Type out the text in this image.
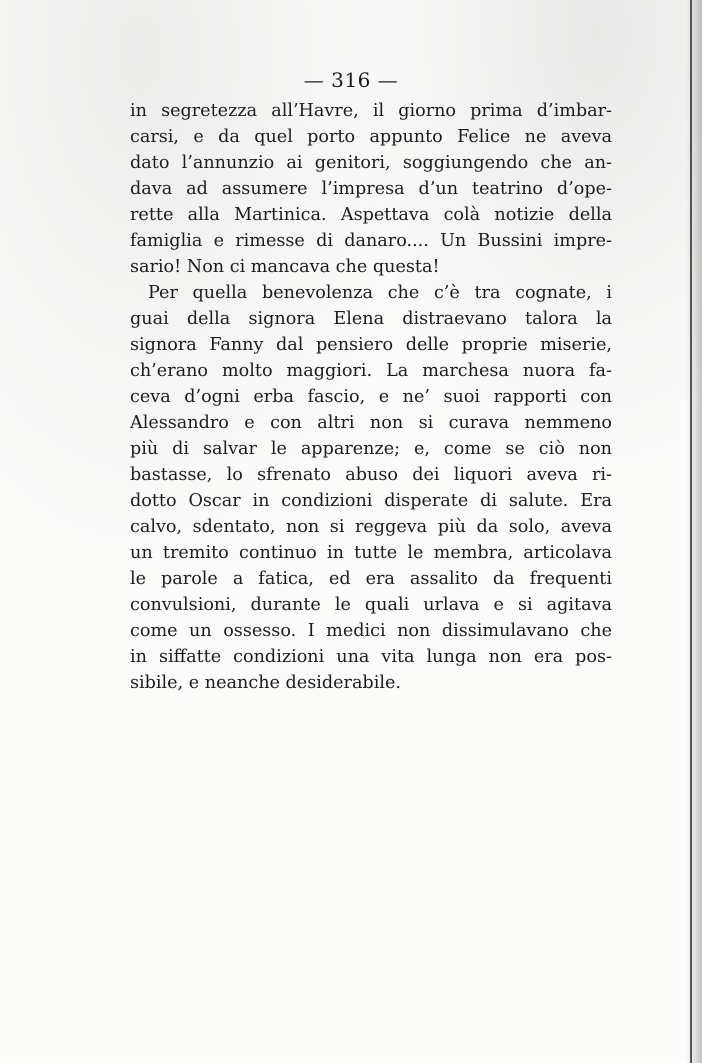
— 316 —
in segretezza all’Havre, il giorno prima d’imbar-
carsi, e da quel porto appunto Felice ne aveva
dato l’annunzio ai genitori, soggiungendo che an-
dava ad assumere l’impresa d’un teatrino d’ope-
rette alla Martinica. Aspettava colà notizie della
famiglia e rimesse di danaro.... Un Bussini impre-
sario! Non ci mancava che questa!
Per quella benevolenza che c’è tra cognate, i
guai della signora Elena distraevano talora la
signora Fanny dal pensiero delle proprie miserie,
ch’erano molto maggiori. La marchesa nuora fa-
ceva d’ogni erba fascio, e ne’ suoi rapporti con
Alessandro e con altri non si curava nemmeno
più di salvar le apparenze; e, come se ciò non
bastasse, lo sfrenato abuso dei liquori aveva ri-
dotto Oscar in condizioni disperate di salute. Era
calvo, sdentato, non si reggeva più da solo, aveva
un tremito continuo in tutte le membra, articolava
le parole a fatica, ed era assalito da frequenti
convulsioni, durante le quali urlava e si agitava
come un ossesso. I medici non dissimulavano che
in siffatte condizioni una vita lunga non era pos-
sibile, e neanche desiderabile.
